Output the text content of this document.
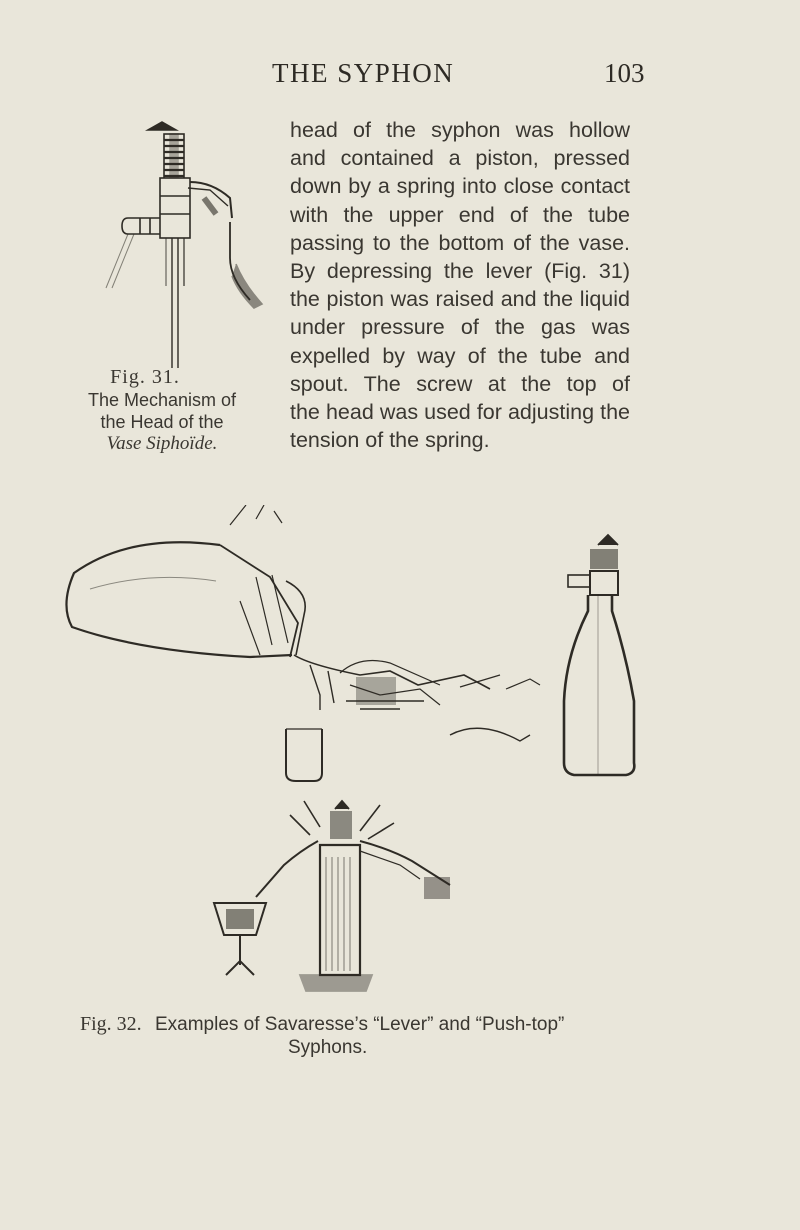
THE SYPHON	103
Fig. 31.
The Mechanism of
the Head of the
Vase Siphoïde.
head of the syphon was hollow
and contained a piston, pressed
down by a spring into close contact
with the upper end of the tube
passing to the bottom of the vase.
By depressing the lever (Fig. 31)
the piston was raised and the liquid
under pressure of the gas was
expelled by way of the tube and
spout. The screw at the top of
the head was used for adjusting the
tension of the spring.
Fig. 32. Examples of Savaresse’s “Lever” and “Push-top”
Syphons.
